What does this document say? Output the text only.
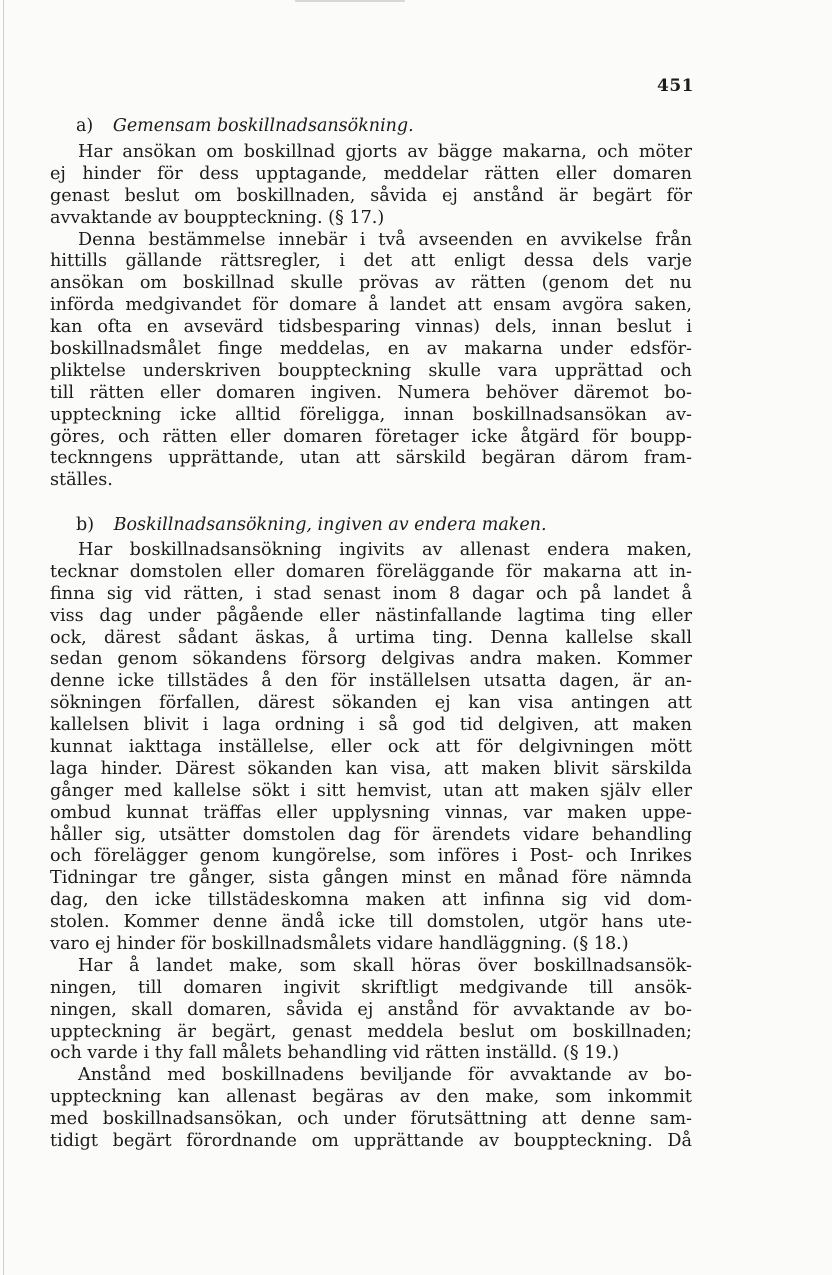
451
a) Gemensam boskillnadsansökning.
Har ansökan om boskillnad gjorts av bägge makarna, och möter
ej hinder för dess upptagande, meddelar rätten eller domaren
genast beslut om boskillnaden, såvida ej anstånd är begärt för
avvaktande av bouppteckning. (§ 17.)
Denna bestämmelse innebär i två avseenden en avvikelse från
hittills gällande rättsregler, i det att enligt dessa dels varje
ansökan om boskillnad skulle prövas av rätten (genom det nu
införda medgivandet för domare å landet att ensam avgöra saken,
kan ofta en avsevärd tidsbesparing vinnas) dels, innan beslut i
boskillnadsmålet finge meddelas, en av makarna under edsför-
pliktelse underskriven bouppteckning skulle vara upprättad och
till rätten eller domaren ingiven. Numera behöver däremot bo-
uppteckning icke alltid föreligga, innan boskillnadsansökan av-
göres, och rätten eller domaren företager icke åtgärd för boupp-
tecknngens upprättande, utan att särskild begäran därom fram-
ställes.
b) Boskillnadsansökning, ingiven av endera maken.
Har boskillnadsansökning ingivits av allenast endera maken,
tecknar domstolen eller domaren föreläggande för makarna att in-
finna sig vid rätten, i stad senast inom 8 dagar och på landet å
viss dag under pågående eller nästinfallande lagtima ting eller
ock, därest sådant äskas, å urtima ting. Denna kallelse skall
sedan genom sökandens försorg delgivas andra maken. Kommer
denne icke tillstädes å den för inställelsen utsatta dagen, är an-
sökningen förfallen, därest sökanden ej kan visa antingen att
kallelsen blivit i laga ordning i så god tid delgiven, att maken
kunnat iakttaga inställelse, eller ock att för delgivningen mött
laga hinder. Därest sökanden kan visa, att maken blivit särskilda
gånger med kallelse sökt i sitt hemvist, utan att maken själv eller
ombud kunnat träffas eller upplysning vinnas, var maken uppe-
håller sig, utsätter domstolen dag för ärendets vidare behandling
och förelägger genom kungörelse, som införes i Post- och Inrikes
Tidningar tre gånger, sista gången minst en månad före nämnda
dag, den icke tillstädeskomna maken att infinna sig vid dom-
stolen. Kommer denne ändå icke till domstolen, utgör hans ute-
varo ej hinder för boskillnadsmålets vidare handläggning. (§ 18.)
Har å landet make, som skall höras över boskillnadsansök-
ningen, till domaren ingivit skriftligt medgivande till ansök-
ningen, skall domaren, såvida ej anstånd för avvaktande av bo-
uppteckning är begärt, genast meddela beslut om boskillnaden;
och varde i thy fall målets behandling vid rätten inställd. (§ 19.)
Anstånd med boskillnadens beviljande för avvaktande av bo-
uppteckning kan allenast begäras av den make, som inkommit
med boskillnadsansökan, och under förutsättning att denne sam-
tidigt begärt förordnande om upprättande av bouppteckning. Då
